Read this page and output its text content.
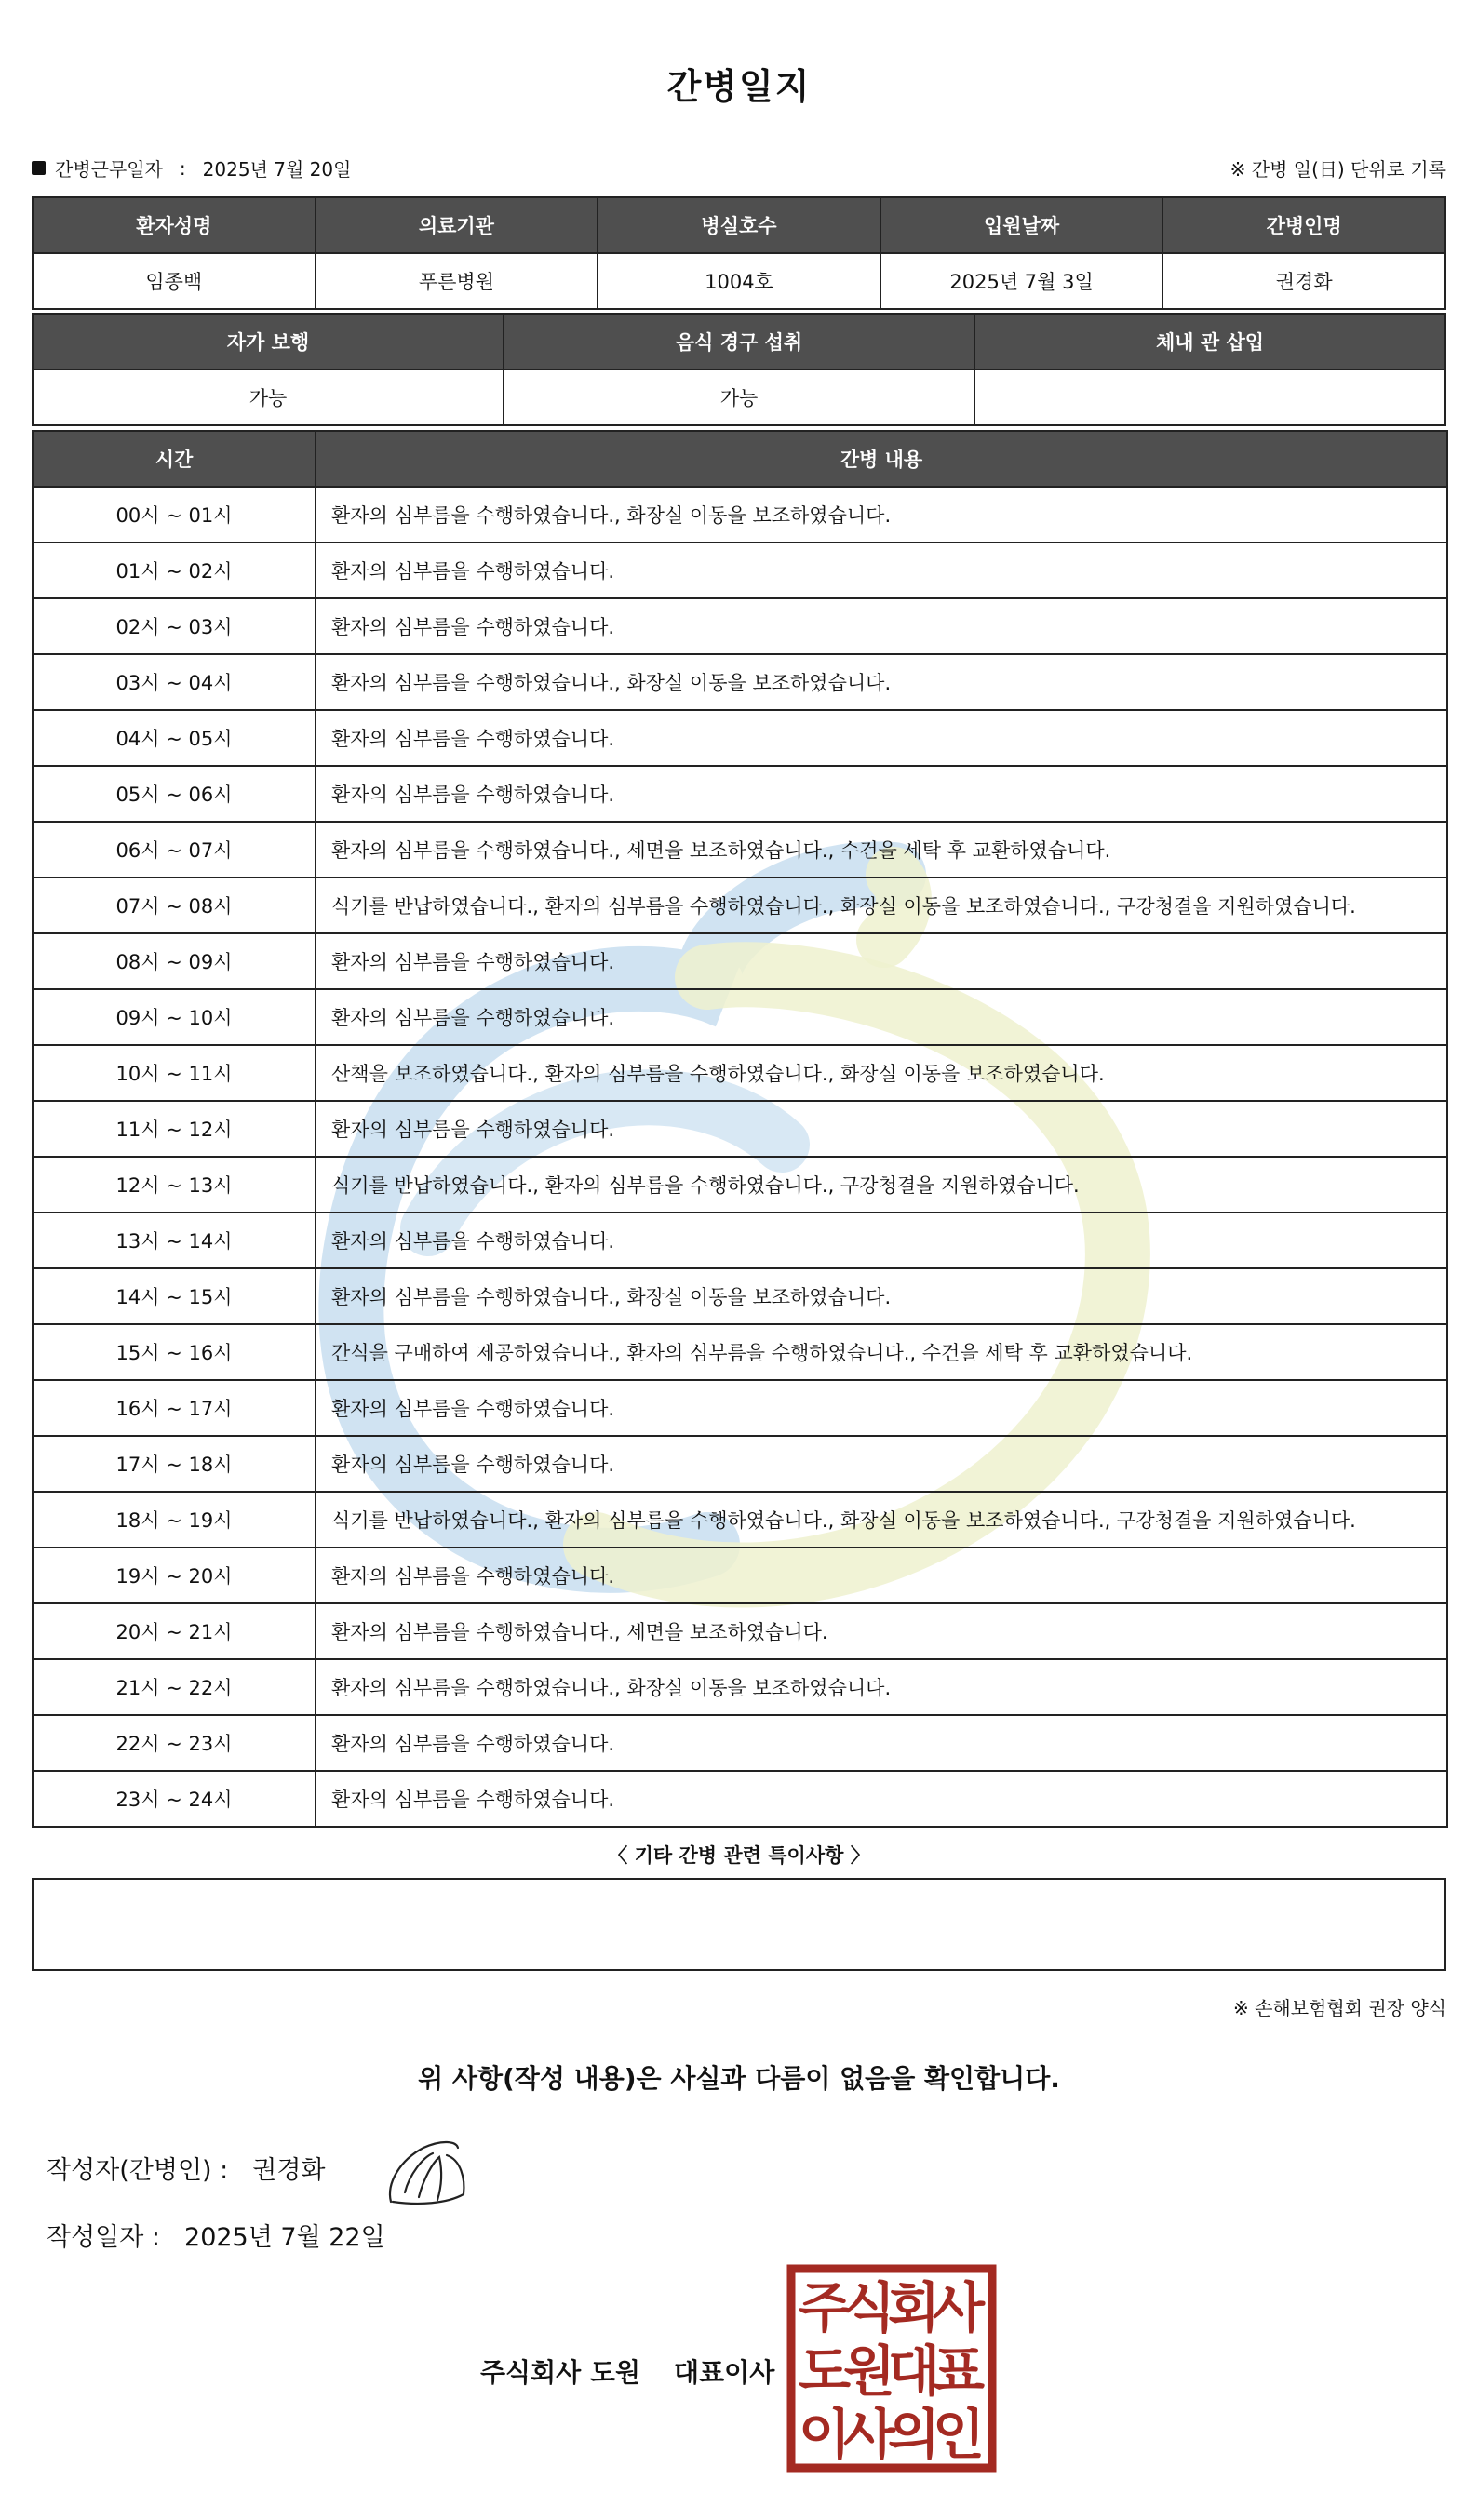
간병일지
간병근무일자 : 2025년 7월 20일	※ 간병 일(日) 단위로 기록
환자성명	의료기관	병실호수	입원날짜	간병인명
임종백	푸른병원	1004호	2025년 7월 3일	권경화
자가 보행	음식 경구 섭취	체내 관 삽입
가능	가능	
시간	간병 내용
00시 ~ 01시	환자의 심부름을 수행하였습니다., 화장실 이동을 보조하였습니다.
01시 ~ 02시	환자의 심부름을 수행하였습니다.
02시 ~ 03시	환자의 심부름을 수행하였습니다.
03시 ~ 04시	환자의 심부름을 수행하였습니다., 화장실 이동을 보조하였습니다.
04시 ~ 05시	환자의 심부름을 수행하였습니다.
05시 ~ 06시	환자의 심부름을 수행하였습니다.
06시 ~ 07시	환자의 심부름을 수행하였습니다., 세면을 보조하였습니다., 수건을 세탁 후 교환하였습니다.
07시 ~ 08시	식기를 반납하였습니다., 환자의 심부름을 수행하였습니다., 화장실 이동을 보조하였습니다., 구강청결을 지원하였습니다.
08시 ~ 09시	환자의 심부름을 수행하였습니다.
09시 ~ 10시	환자의 심부름을 수행하였습니다.
10시 ~ 11시	산책을 보조하였습니다., 환자의 심부름을 수행하였습니다., 화장실 이동을 보조하였습니다.
11시 ~ 12시	환자의 심부름을 수행하였습니다.
12시 ~ 13시	식기를 반납하였습니다., 환자의 심부름을 수행하였습니다., 구강청결을 지원하였습니다.
13시 ~ 14시	환자의 심부름을 수행하였습니다.
14시 ~ 15시	환자의 심부름을 수행하였습니다., 화장실 이동을 보조하였습니다.
15시 ~ 16시	간식을 구매하여 제공하였습니다., 환자의 심부름을 수행하였습니다., 수건을 세탁 후 교환하였습니다.
16시 ~ 17시	환자의 심부름을 수행하였습니다.
17시 ~ 18시	환자의 심부름을 수행하였습니다.
18시 ~ 19시	식기를 반납하였습니다., 환자의 심부름을 수행하였습니다., 화장실 이동을 보조하였습니다., 구강청결을 지원하였습니다.
19시 ~ 20시	환자의 심부름을 수행하였습니다.
20시 ~ 21시	환자의 심부름을 수행하였습니다., 세면을 보조하였습니다.
21시 ~ 22시	환자의 심부름을 수행하였습니다., 화장실 이동을 보조하였습니다.
22시 ~ 23시	환자의 심부름을 수행하였습니다.
23시 ~ 24시	환자의 심부름을 수행하였습니다.
〈 기타 간병 관련 특이사항 〉
※ 손해보험협회 권장 양식
위 사항(작성 내용)은 사실과 다름이 없음을 확인합니다.
작성자(간병인) : 권경화
작성일자 : 2025년 7월 22일
주식회사 도원 대표이사
주
식
회
사
도
원
대
표
이
사
의
인
